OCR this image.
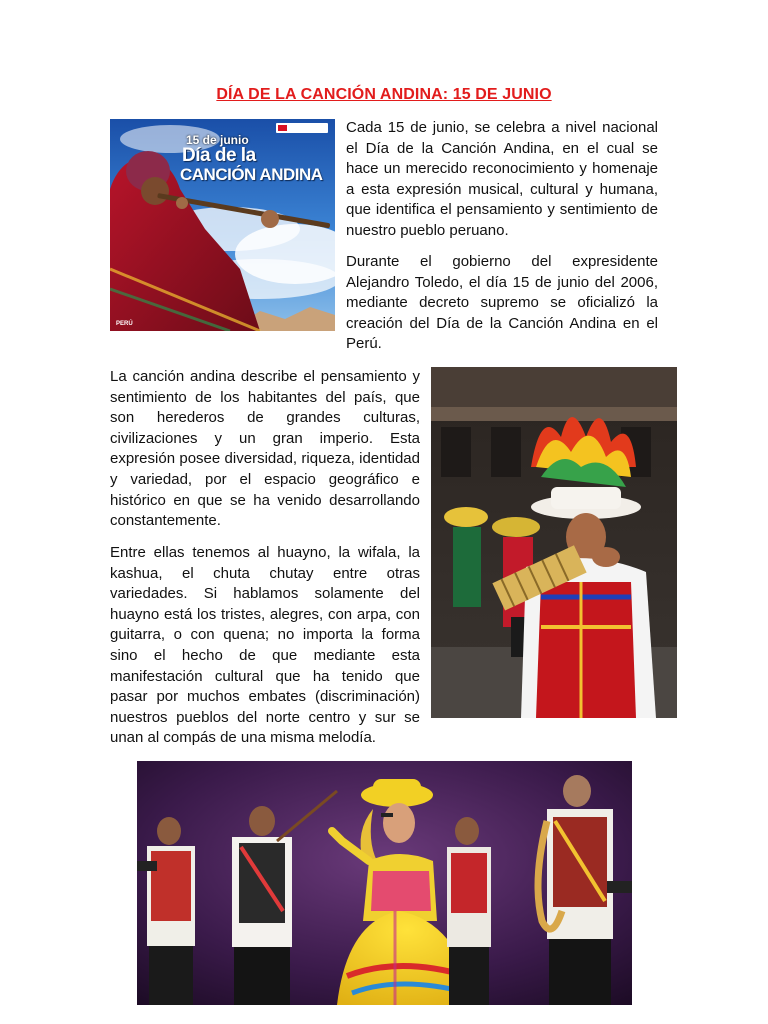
DÍA DE LA CANCIÓN ANDINA: 15 DE JUNIO
15 de junio
Día de la
CANCIÓN ANDINA
PERÚ

Cada 15 de junio, se celebra a nivel nacional el Día de la Canción Andina, en el cual se hace un merecido reconocimiento y homenaje a esta expresión musical, cultural y humana, que identifica el pensamiento y sentimiento de nuestro pueblo peruano.

Durante el gobierno del expresidente Alejandro Toledo, el día 15 de junio del 2006, mediante decreto supremo se oficializó la creación del Día de la Canción Andina en el Perú.

La canción andina describe el pensamiento y sentimiento de los habitantes del país, que son herederos de grandes culturas, civilizaciones y un gran imperio. Esta expresión posee diversidad, riqueza, identidad y variedad, por el espacio geográfico e histórico en que se ha venido desarrollando constantemente.

Entre ellas tenemos al huayno, la wifala, la kashua, el chuta chutay entre otras variedades. Si hablamos solamente del huayno está los tristes, alegres, con arpa, con guitarra, o con quena; no importa la forma sino el hecho de que mediante esta manifestación cultural que ha tenido que pasar por muchos embates (discriminación) nuestros pueblos del norte centro y sur se unan al compás de una misma melodía.
